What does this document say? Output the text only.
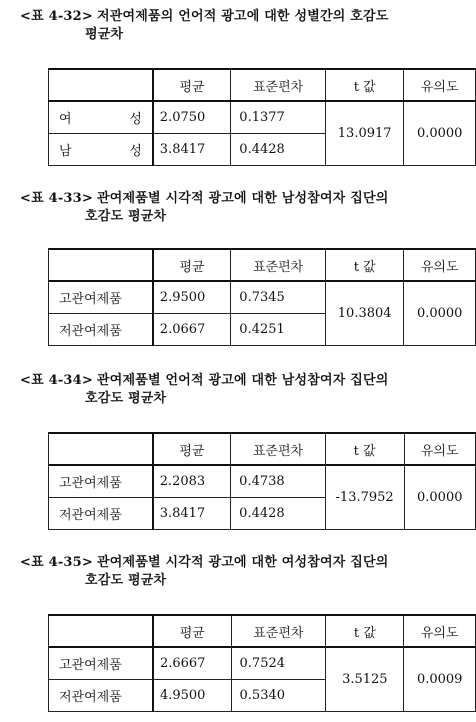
<표 4-32> 저관여제품의 언어적 광고에 대한 성별간의 호감도
평균차
	평균	표준편차	t 값	유의도
여 성	2.0750	0.1377	13.0917	0.0000
남 성	3.8417	0.4428		
<표 4-33> 관여제품별 시각적 광고에 대한 남성참여자 집단의
호감도 평균차
	평균	표준편차	t 값	유의도
고관여제품	2.9500	0.7345	10.3804	0.0000
저관여제품	2.0667	0.4251		
<표 4-34> 관여제품별 언어적 광고에 대한 남성참여자 집단의
호감도 평균차
	평균	표준편차	t 값	유의도
고관여제품	2.2083	0.4738	-13.7952	0.0000
저관여제품	3.8417	0.4428		
<표 4-35> 관여제품별 시각적 광고에 대한 여성참여자 집단의
호감도 평균차
	평균	표준편차	t 값	유의도
고관여제품	2.6667	0.7524	3.5125	0.0009
저관여제품	4.9500	0.5340		
